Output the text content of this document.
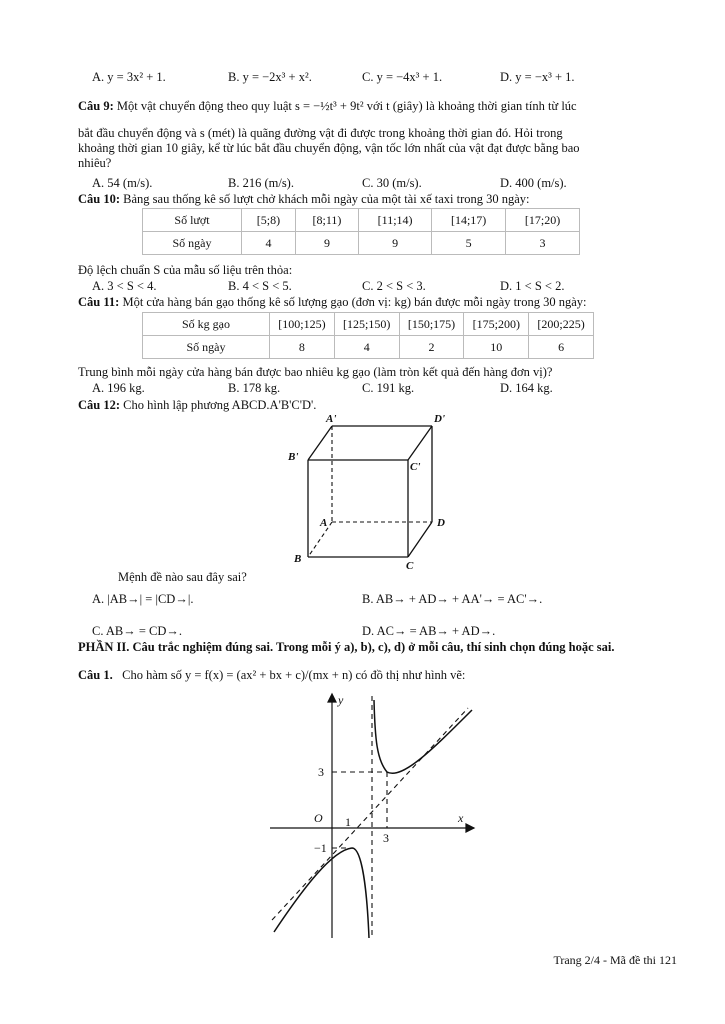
A. y = 3x² + 1.	B. y = −2x³ + x².	C. y = −4x³ + 1.	D. y = −x³ + 1.
Câu 9: Một vật chuyển động theo quy luật s = −½t³ + 9t² với t (giây) là khoảng thời gian tính từ lúc
bắt đầu chuyển động và s (mét) là quãng đường vật đi được trong khoảng thời gian đó. Hỏi trong
khoảng thời gian 10 giây, kể từ lúc bắt đầu chuyển động, vận tốc lớn nhất của vật đạt được bằng bao
nhiêu?
A. 54 (m/s).	B. 216 (m/s).	C. 30 (m/s).	D. 400 (m/s).
Câu 10: Bảng sau thống kê số lượt chở khách mỗi ngày của một tài xế taxi trong 30 ngày:
Số lượt	[5;8)	[8;11)	[11;14)	[14;17)	[17;20)
Số ngày	4	9	9	5	3
Độ lệch chuẩn S của mẫu số liệu trên thỏa:
A. 3 < S < 4.	B. 4 < S < 5.	C. 2 < S < 3.	D. 1 < S < 2.
Câu 11: Một cửa hàng bán gạo thống kê số lượng gạo (đơn vị: kg) bán được mỗi ngày trong 30 ngày:
Số kg gạo	[100;125)	[125;150)	[150;175)	[175;200)	[200;225)
Số ngày	8	4	2	10	6
Trung bình mỗi ngày cửa hàng bán được bao nhiêu kg gạo (làm tròn kết quả đến hàng đơn vị)?
A. 196 kg.	B. 178 kg.	C. 191 kg.	D. 164 kg.
Câu 12: Cho hình lập phương ABCD.A'B'C'D'.
A'	D'
B'
C'
A	D
B
C
Mệnh đề nào sau đây sai?
A. |AB→| = |CD→|.	B. AB→ + AD→ + AA'→ = AC'→.
C. AB→ = CD→.	D. AC→ = AB→ + AD→.
PHẦN II. Câu trắc nghiệm đúng sai. Trong mỗi ý a), b), c), d) ở mỗi câu, thí sinh chọn đúng hoặc sai.
Câu 1. Cho hàm số y = f(x) = (ax² + bx + c)/(mx + n) có đồ thị như hình vẽ:
y
x
O
3
1
3
−1
Trang 2/4 - Mã đề thi 121
